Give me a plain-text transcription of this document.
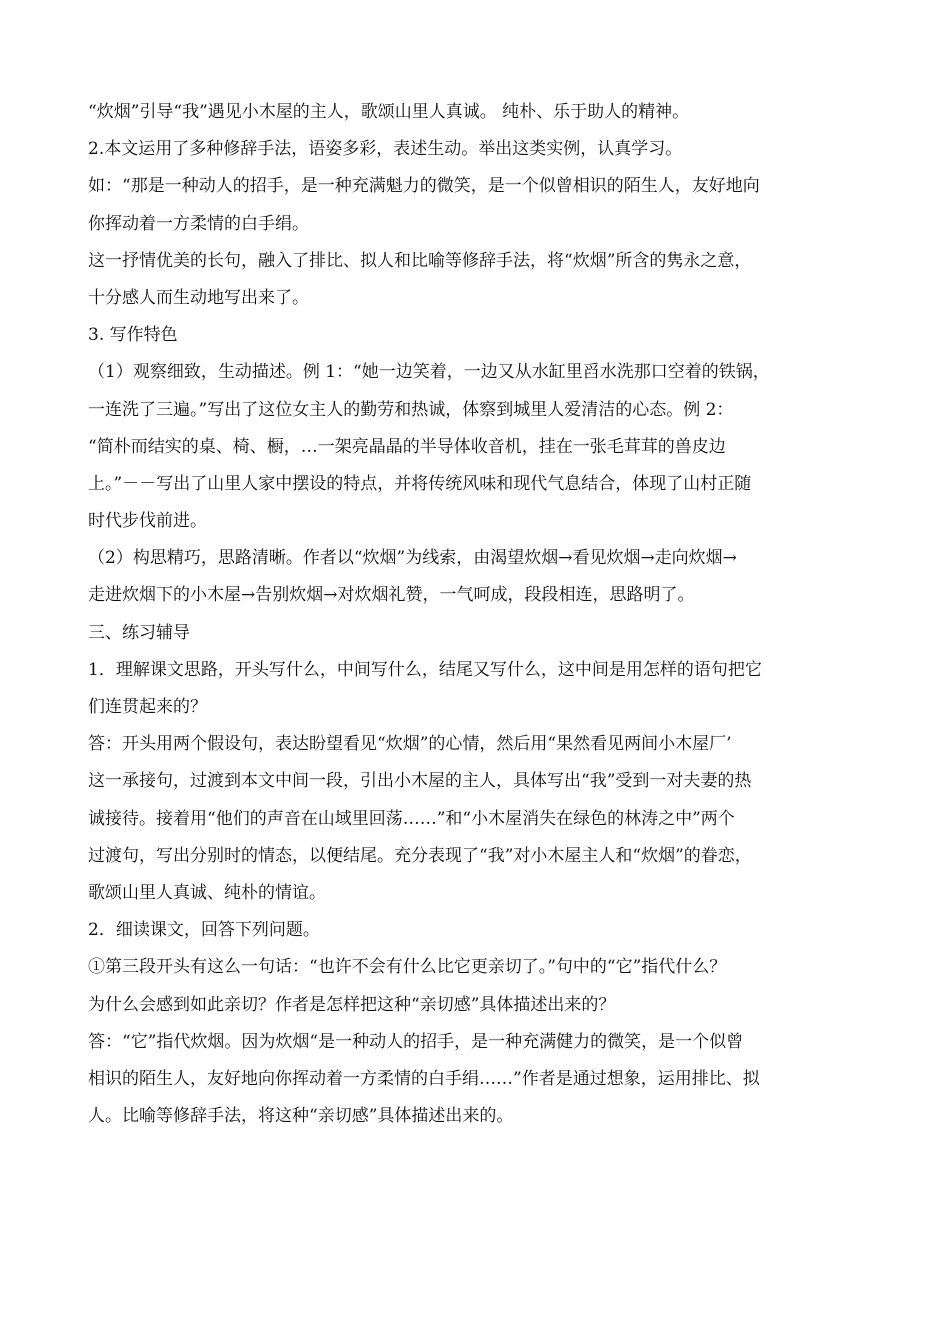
“炊烟”引导“我”遇见小木屋的主人，歌颂山里人真诚。 纯朴、乐于助人的精神。
2.本文运用了多种修辞手法，语姿多彩，表述生动。举出这类实例，认真学习。
如：“那是一种动人的招手，是一种充满魁力的微笑，是一个似曾相识的陌生人，友好地向
你挥动着一方柔情的白手绢。
这一抒情优美的长句，融入了排比、拟人和比喻等修辞手法，将“炊烟”所含的隽永之意，
十分感人而生动地写出来了。
3. 写作特色
（1）观察细致，生动描述。例 1：“她一边笑着，一边又从水缸里舀水洗那口空着的铁锅，
一连洗了三遍。”写出了这位女主人的勤劳和热诚，体察到城里人爱清洁的心态。例 2：
“简朴而结实的桌、椅、橱，…一架亮晶晶的半导体收音机，挂在一张毛茸茸的兽皮边
上。”－－写出了山里人家中摆设的特点，并将传统风味和现代气息结合，体现了山村正随
时代步伐前进。
（2）构思精巧，思路清晰。作者以“炊烟”为线索，由渴望炊烟→看见炊烟→走向炊烟→
走进炊烟下的小木屋→告别炊烟→对炊烟礼赞，一气呵成，段段相连，思路明了。
三、练习辅导
1．理解课文思路，开头写什么，中间写什么，结尾又写什么，这中间是用怎样的语句把它
们连贯起来的？
答：开头用两个假设句，表达盼望看见“炊烟”的心情，然后用“果然看见两间小木屋厂’
这一承接句，过渡到本文中间一段，引出小木屋的主人，具体写出“我”受到一对夫妻的热
诚接待。接着用“他们的声音在山域里回荡……”和“小木屋消失在绿色的林涛之中”两个
过渡句，写出分别时的情态，以便结尾。充分表现了“我”对小木屋主人和“炊烟”的眷恋，
歌颂山里人真诚、纯朴的情谊。
2．细读课文，回答下列问题。
①第三段开头有这么一句话：“也许不会有什么比它更亲切了。”句中的“它”指代什么？
为什么会感到如此亲切？作者是怎样把这种“亲切感”具体描述出来的？
答：“它”指代炊烟。因为炊烟“是一种动人的招手，是一种充满健力的微笑，是一个似曾
相识的陌生人，友好地向你挥动着一方柔情的白手绢……”作者是通过想象，运用排比、拟
人。比喻等修辞手法，将这种“亲切感”具体描述出来的。
